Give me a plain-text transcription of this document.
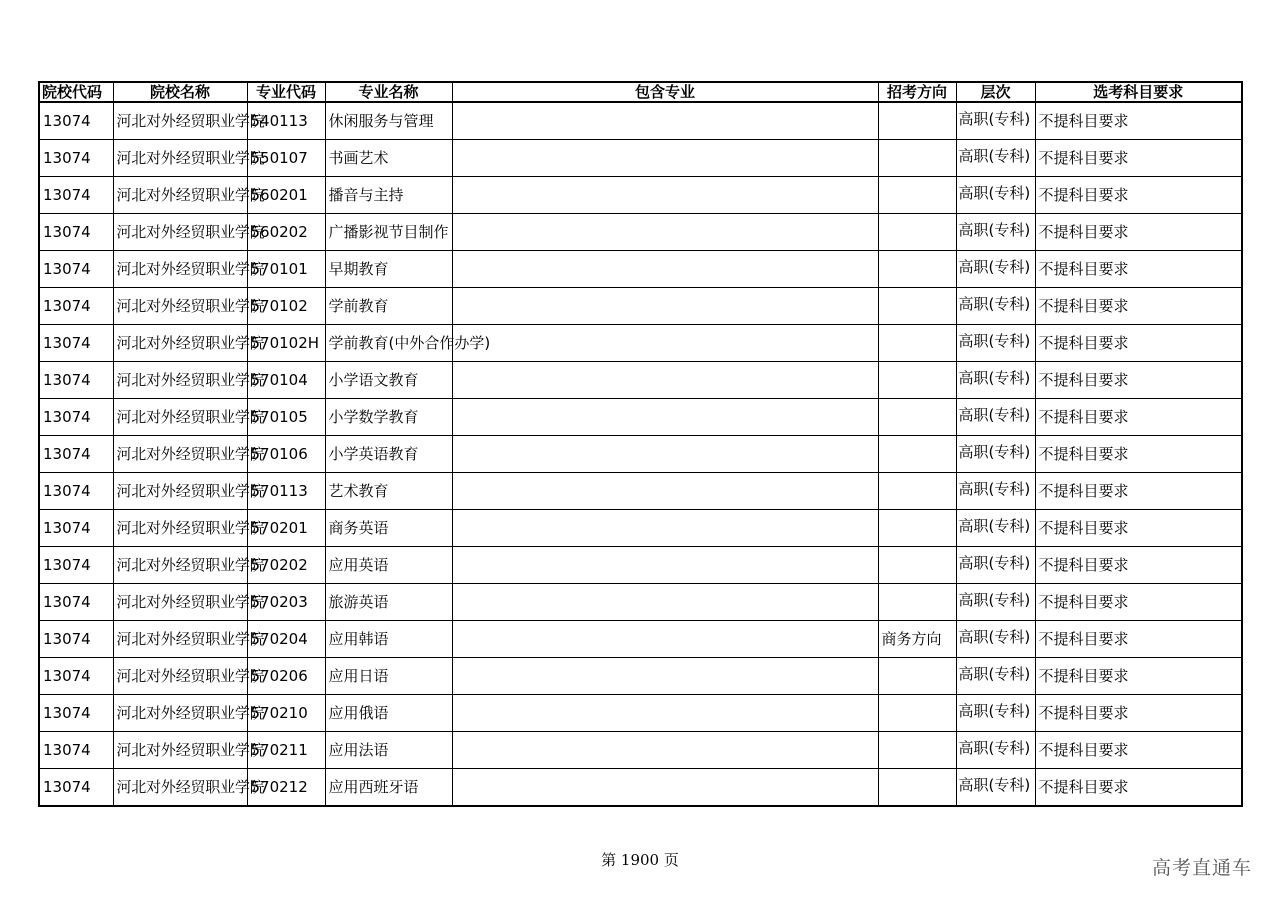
院校代码	院校名称	专业代码	专业名称	包含专业	招考方向	层次	选考科目要求
13074	河北对外经贸职业学院	540113	休闲服务与管理			高职(专科)	不提科目要求
13074	河北对外经贸职业学院	550107	书画艺术			高职(专科)	不提科目要求
13074	河北对外经贸职业学院	560201	播音与主持			高职(专科)	不提科目要求
13074	河北对外经贸职业学院	560202	广播影视节目制作			高职(专科)	不提科目要求
13074	河北对外经贸职业学院	570101	早期教育			高职(专科)	不提科目要求
13074	河北对外经贸职业学院	570102	学前教育			高职(专科)	不提科目要求
13074	河北对外经贸职业学院	570102H	学前教育(中外合作办学)			高职(专科)	不提科目要求
13074	河北对外经贸职业学院	570104	小学语文教育			高职(专科)	不提科目要求
13074	河北对外经贸职业学院	570105	小学数学教育			高职(专科)	不提科目要求
13074	河北对外经贸职业学院	570106	小学英语教育			高职(专科)	不提科目要求
13074	河北对外经贸职业学院	570113	艺术教育			高职(专科)	不提科目要求
13074	河北对外经贸职业学院	570201	商务英语			高职(专科)	不提科目要求
13074	河北对外经贸职业学院	570202	应用英语			高职(专科)	不提科目要求
13074	河北对外经贸职业学院	570203	旅游英语			高职(专科)	不提科目要求
13074	河北对外经贸职业学院	570204	应用韩语		商务方向	高职(专科)	不提科目要求
13074	河北对外经贸职业学院	570206	应用日语			高职(专科)	不提科目要求
13074	河北对外经贸职业学院	570210	应用俄语			高职(专科)	不提科目要求
13074	河北对外经贸职业学院	570211	应用法语			高职(专科)	不提科目要求
13074	河北对外经贸职业学院	570212	应用西班牙语			高职(专科)	不提科目要求
第 1900 页	高考直通车
